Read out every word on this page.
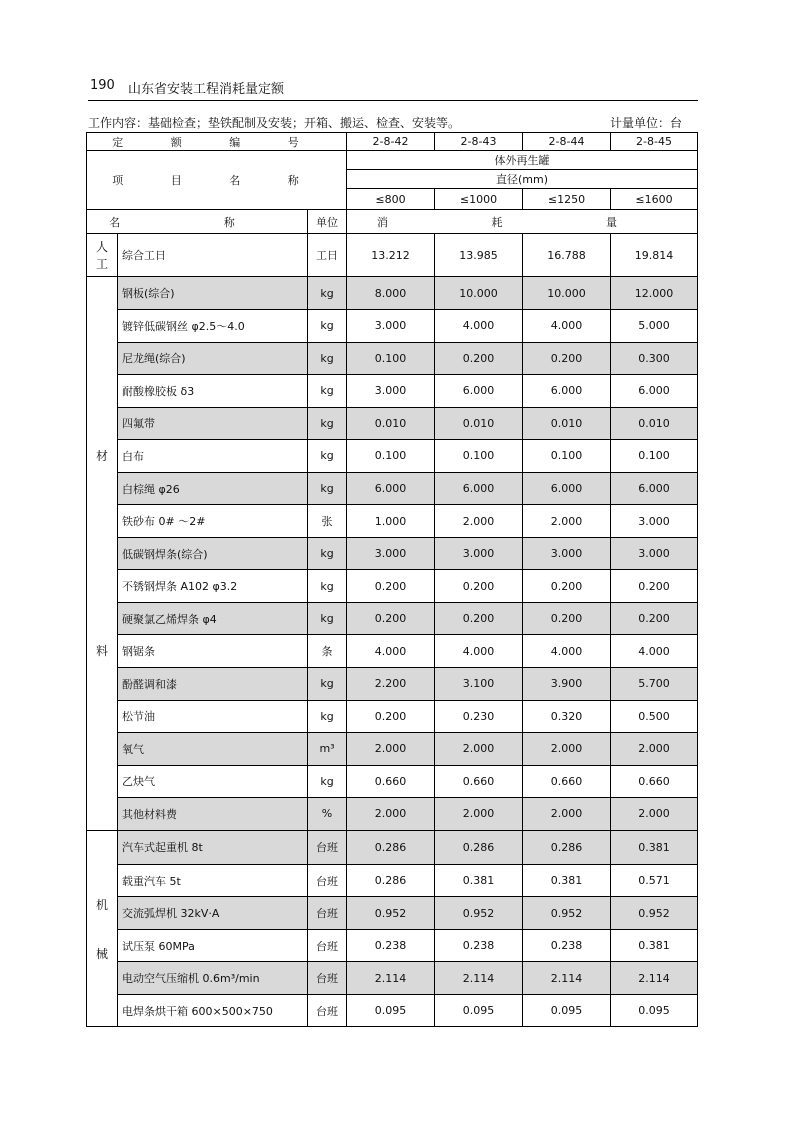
190 山东省安装工程消耗量定额
工作内容：基础检查；垫铁配制及安装；开箱、搬运、检查、安装等。	计量单位：台
定 额 编 号			2-8-42	2-8-43	2-8-44	2-8-45
项 目 名 称			体外再生罐			
			直径(mm)			
			≤800	≤1000	≤1250	≤1600
名 称		单位	消 耗 量			

人
工	综合工日	工日	13.212	13.985	16.788	19.814

材
料	钢板(综合)	kg	8.000	10.000	10.000	12.000
	镀锌低碳钢丝 φ2.5～4.0	kg	3.000	4.000	4.000	5.000
	尼龙绳(综合)	kg	0.100	0.200	0.200	0.300
	耐酸橡胶板 δ3	kg	3.000	6.000	6.000	6.000
	四氟带	kg	0.010	0.010	0.010	0.010
	白布	kg	0.100	0.100	0.100	0.100
	白棕绳 φ26	kg	6.000	6.000	6.000	6.000
	铁砂布 0# ～2#	张	1.000	2.000	2.000	3.000
	低碳钢焊条(综合)	kg	3.000	3.000	3.000	3.000
	不锈钢焊条 A102 φ3.2	kg	0.200	0.200	0.200	0.200
	硬聚氯乙烯焊条 φ4	kg	0.200	0.200	0.200	0.200
	钢锯条	条	4.000	4.000	4.000	4.000
	酚醛调和漆	kg	2.200	3.100	3.900	5.700
	松节油	kg	0.200	0.230	0.320	0.500
	氧气	m³	2.000	2.000	2.000	2.000
	乙炔气	kg	0.660	0.660	0.660	0.660
	其他材料费	%	2.000	2.000	2.000	2.000

机
械	汽车式起重机 8t	台班	0.286	0.286	0.286	0.381
	载重汽车 5t	台班	0.286	0.381	0.381	0.571
	交流弧焊机 32kV·A	台班	0.952	0.952	0.952	0.952
	试压泵 60MPa	台班	0.238	0.238	0.238	0.381
	电动空气压缩机 0.6m³/min	台班	2.114	2.114	2.114	2.114
	电焊条烘干箱 600×500×750	台班	0.095	0.095	0.095	0.095
